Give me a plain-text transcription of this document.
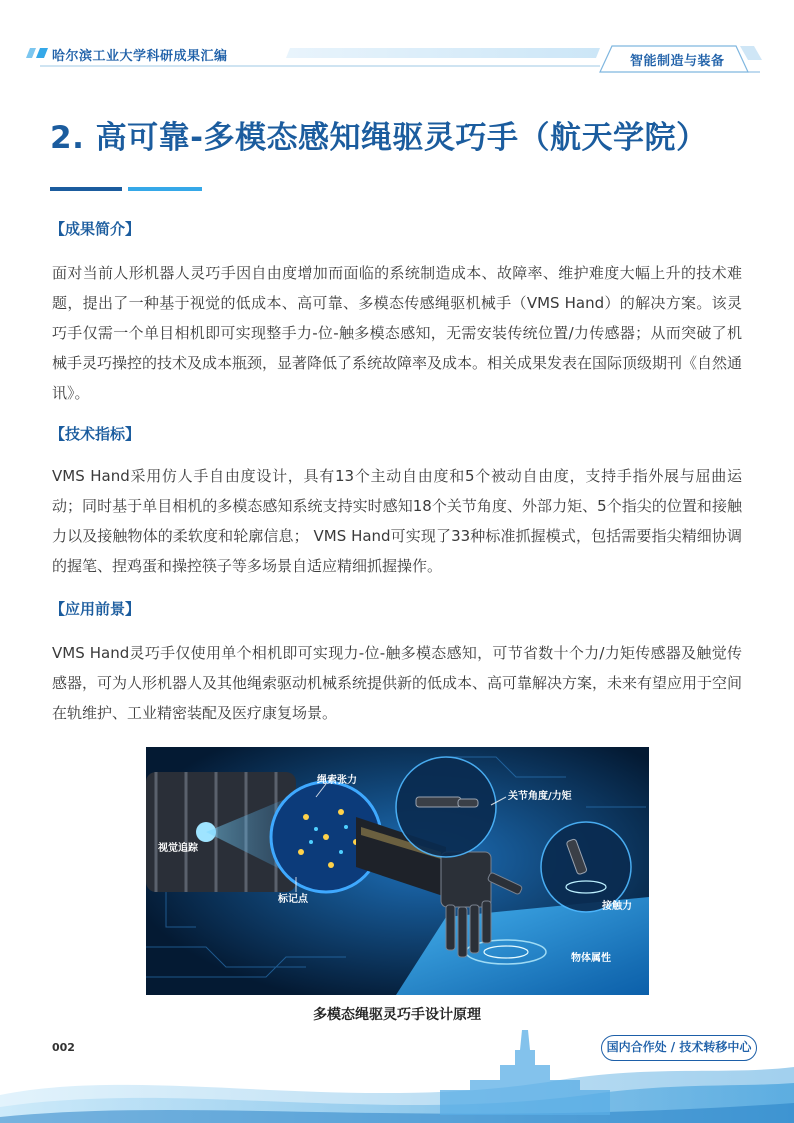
哈尔滨工业大学科研成果汇编	智能制造与装备
2. 高可靠-多模态感知绳驱灵巧手（航天学院）
【成果简介】

面对当前人形机器人灵巧手因自由度增加而面临的系统制造成本、故障率、维护难度大幅上升的技术难题，提出了一种基于视觉的低成本、高可靠、多模态传感绳驱机械手（VMS Hand）的解决方案。该灵巧手仅需一个单目相机即可实现整手力-位-触多模态感知，无需安装传统位置/力传感器；从而突破了机械手灵巧操控的技术及成本瓶颈，显著降低了系统故障率及成本。相关成果发表在国际顶级期刊《自然通讯》。

【技术指标】

VMS Hand采用仿人手自由度设计，具有13个主动自由度和5个被动自由度，支持手指外展与屈曲运动；同时基于单目相机的多模态感知系统支持实时感知18个关节角度、外部力矩、5个指尖的位置和接触力以及接触物体的柔软度和轮廓信息； VMS Hand可实现了33种标准抓握模式，包括需要指尖精细协调的握笔、捏鸡蛋和操控筷子等多场景自适应精细抓握操作。

【应用前景】

VMS Hand灵巧手仅使用单个相机即可实现力-位-触多模态感知，可节省数十个力/力矩传感器及触觉传感器，可为人形机器人及其他绳索驱动机械系统提供新的低成本、高可靠解决方案，未来有望应用于空间在轨维护、工业精密装配及医疗康复场景。

绳索张力
关节角度/力矩
视觉追踪
标记点
接触力
物体属性
多模态绳驱灵巧手设计原理
002	国内合作处 / 技术转移中心
